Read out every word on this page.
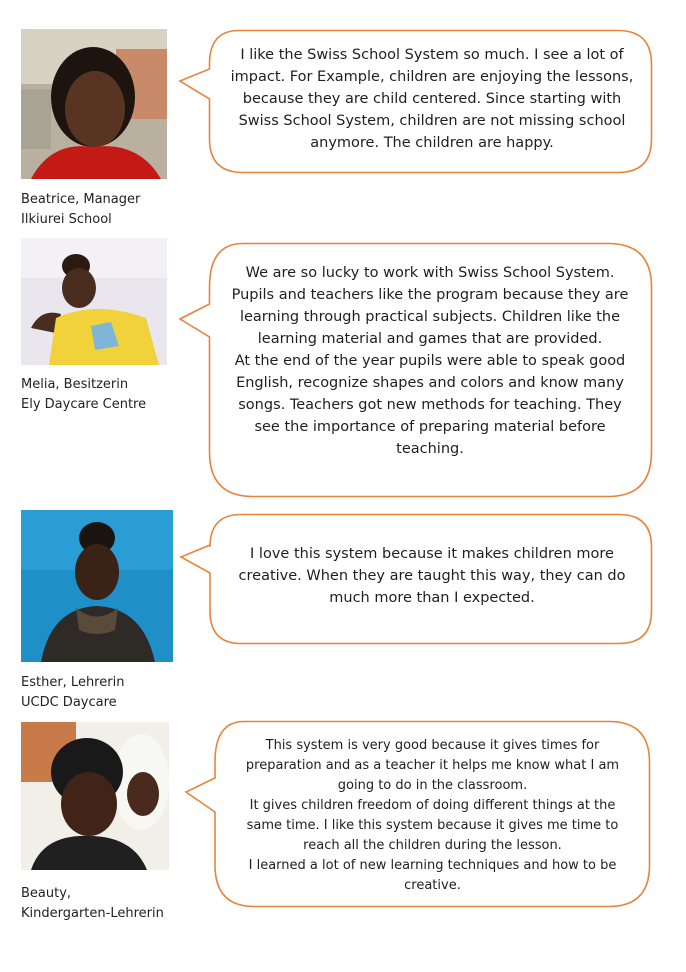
Beatrice, Manager
Ilkiurei School
I like the Swiss School System so much. I see a lot of impact. For Example, children are enjoying the lessons, because they are child centered. Since starting with Swiss School System, children are not missing school anymore. The children are happy.
Melia, Besitzerin
Ely Daycare Centre
We are so lucky to work with Swiss School System. Pupils and teachers like the program because they are learning through practical subjects. Children like the learning material and games that are provided.
At the end of the year pupils were able to speak good English, recognize shapes and colors and know many songs. Teachers got new methods for teaching. They see the importance of preparing material before teaching.
Esther, Lehrerin
UCDC Daycare
I love this system because it makes children more creative. When they are taught this way, they can do much more than I expected.
Beauty,
Kindergarten-Lehrerin
This system is very good because it gives times for preparation and as a teacher it helps me know what I am going to do in the classroom.
It gives children freedom of doing different things at the same time. I like this system because it gives me time to reach all the children during the lesson.
I learned a lot of new learning techniques and how to be creative.
